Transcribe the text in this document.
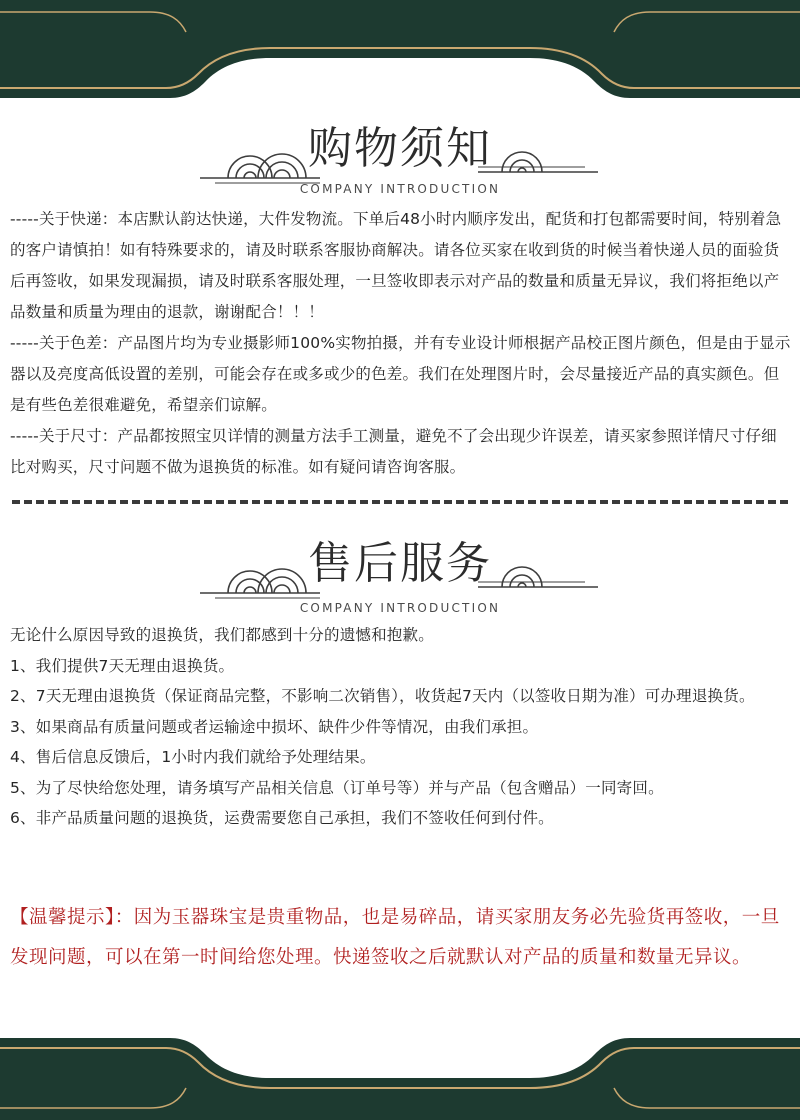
购物须知
COMPANY INTRODUCTION

-----关于快递：本店默认韵达快递，大件发物流。下单后48小时内顺序发出，配货和打包都需要时间，特别着急的客户请慎拍！如有特殊要求的，请及时联系客服协商解决。请各位买家在收到货的时候当着快递人员的面验货后再签收，如果发现漏损，请及时联系客服处理，一旦签收即表示对产品的数量和质量无异议，我们将拒绝以产品数量和质量为理由的退款，谢谢配合！！！

-----关于色差：产品图片均为专业摄影师100%实物拍摄，并有专业设计师根据产品校正图片颜色，但是由于显示器以及亮度高低设置的差别，可能会存在或多或少的色差。我们在处理图片时，会尽量接近产品的真实颜色。但是有些色差很难避免，希望亲们谅解。

-----关于尺寸：产品都按照宝贝详情的测量方法手工测量，避免不了会出现少许误差，请买家参照详情尺寸仔细比对购买，尺寸问题不做为退换货的标准。如有疑问请咨询客服。

售后服务
COMPANY INTRODUCTION

无论什么原因导致的退换货，我们都感到十分的遗憾和抱歉。

1、我们提供7天无理由退换货。

2、7天无理由退换货（保证商品完整，不影响二次销售），收货起7天内（以签收日期为准）可办理退换货。

3、如果商品有质量问题或者运输途中损坏、缺件少件等情况，由我们承担。

4、售后信息反馈后，1小时内我们就给予处理结果。

5、为了尽快给您处理，请务填写产品相关信息（订单号等）并与产品（包含赠品）一同寄回。

6、非产品质量问题的退换货，运费需要您自己承担，我们不签收任何到付件。

【温馨提示】：因为玉器珠宝是贵重物品，也是易碎品，请买家朋友务必先验货再签收，一旦发现问题，可以在第一时间给您处理。快递签收之后就默认对产品的质量和数量无异议。
